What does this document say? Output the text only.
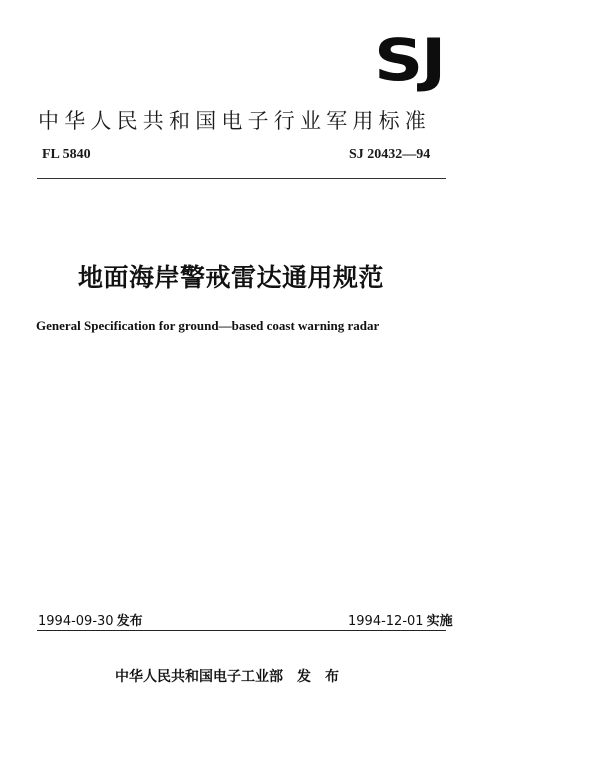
SJ
中华人民共和国电子行业军用标准
FL 5840	SJ 20432—94
地面海岸警戒雷达通用规范
General Specification for ground—based coast warning radar
1994-09-30 发布	1994-12-01 实施
中华人民共和国电子工业部 发布
